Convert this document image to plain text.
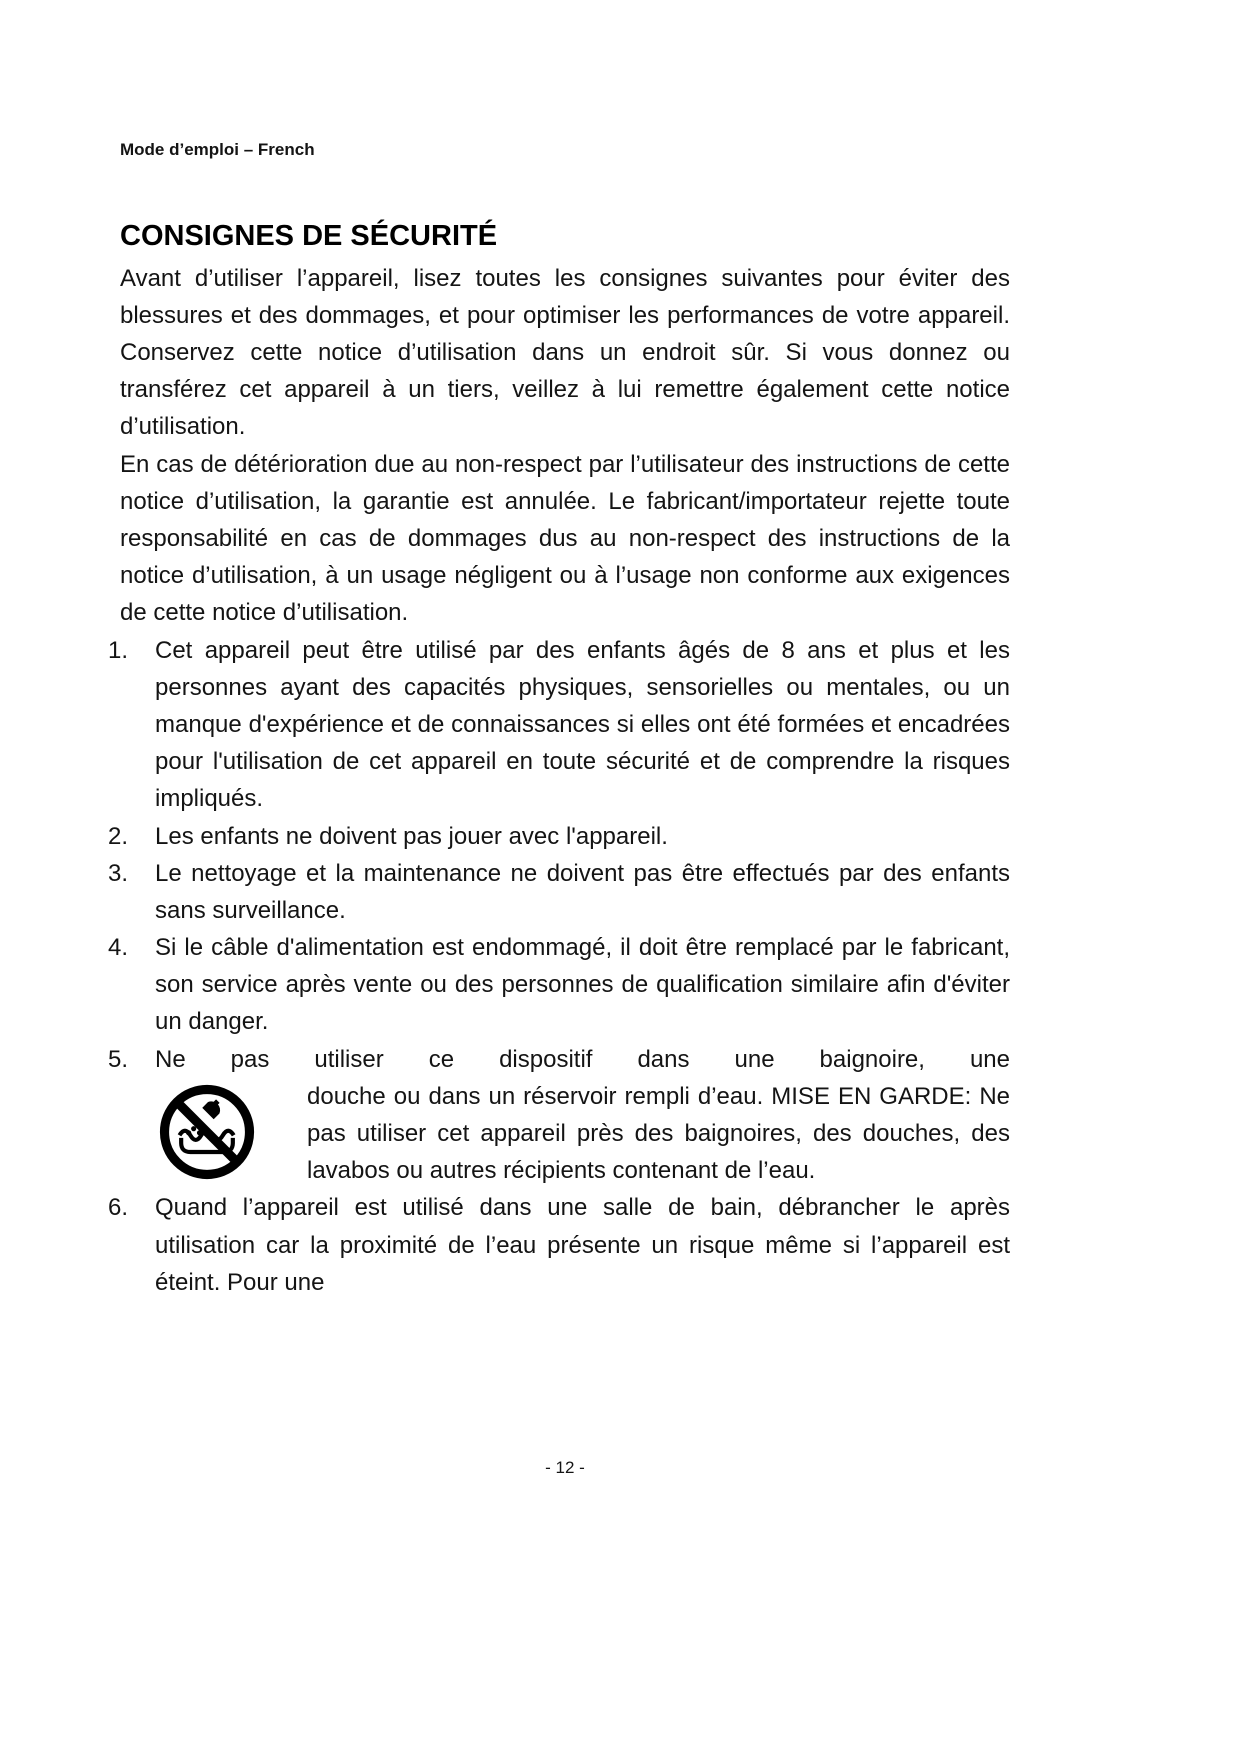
Mode d’emploi – French
CONSIGNES DE SÉCURITÉ

Avant d’utiliser l’appareil, lisez toutes les consignes suivantes pour éviter des blessures et des dommages, et pour optimiser les performances de votre appareil. Conservez cette notice d’utilisation dans un endroit sûr. Si vous donnez ou transférez cet appareil à un tiers, veillez à lui remettre également cette notice d’utilisation.

En cas de détérioration due au non-respect par l’utilisateur des instructions de cette notice d’utilisation, la garantie est annulée. Le fabricant/importateur rejette toute responsabilité en cas de dommages dus au non-respect des instructions de la notice d’utilisation, à un usage négligent ou à l’usage non conforme aux exigences de cette notice d’utilisation.

1.	Cet appareil peut être utilisé par des enfants âgés de 8 ans et plus et les personnes ayant des capacités physiques, sensorielles ou mentales, ou un manque d'expérience et de connaissances si elles ont été formées et encadrées pour l'utilisation de cet appareil en toute sécurité et de comprendre la risques impliqués.
2.	Les enfants ne doivent pas jouer avec l'appareil.
3.	Le nettoyage et la maintenance ne doivent pas être effectués par des enfants sans surveillance.
4.	Si le câble d'alimentation est endommagé, il doit être remplacé par le fabricant, son service après vente ou des personnes de qualification similaire afin d'éviter un danger.
5.	Ne pas utiliser ce dispositif dans une baignoire, une
douche ou dans un réservoir rempli d’eau. MISE EN GARDE: Ne pas utiliser cet appareil près des baignoires, des douches, des lavabos ou autres récipients contenant de l’eau.
6.	Quand l’appareil est utilisé dans une salle de bain, débrancher le après utilisation car la proximité de l’eau présente un risque même si l’appareil est éteint. Pour une
- 12 -
